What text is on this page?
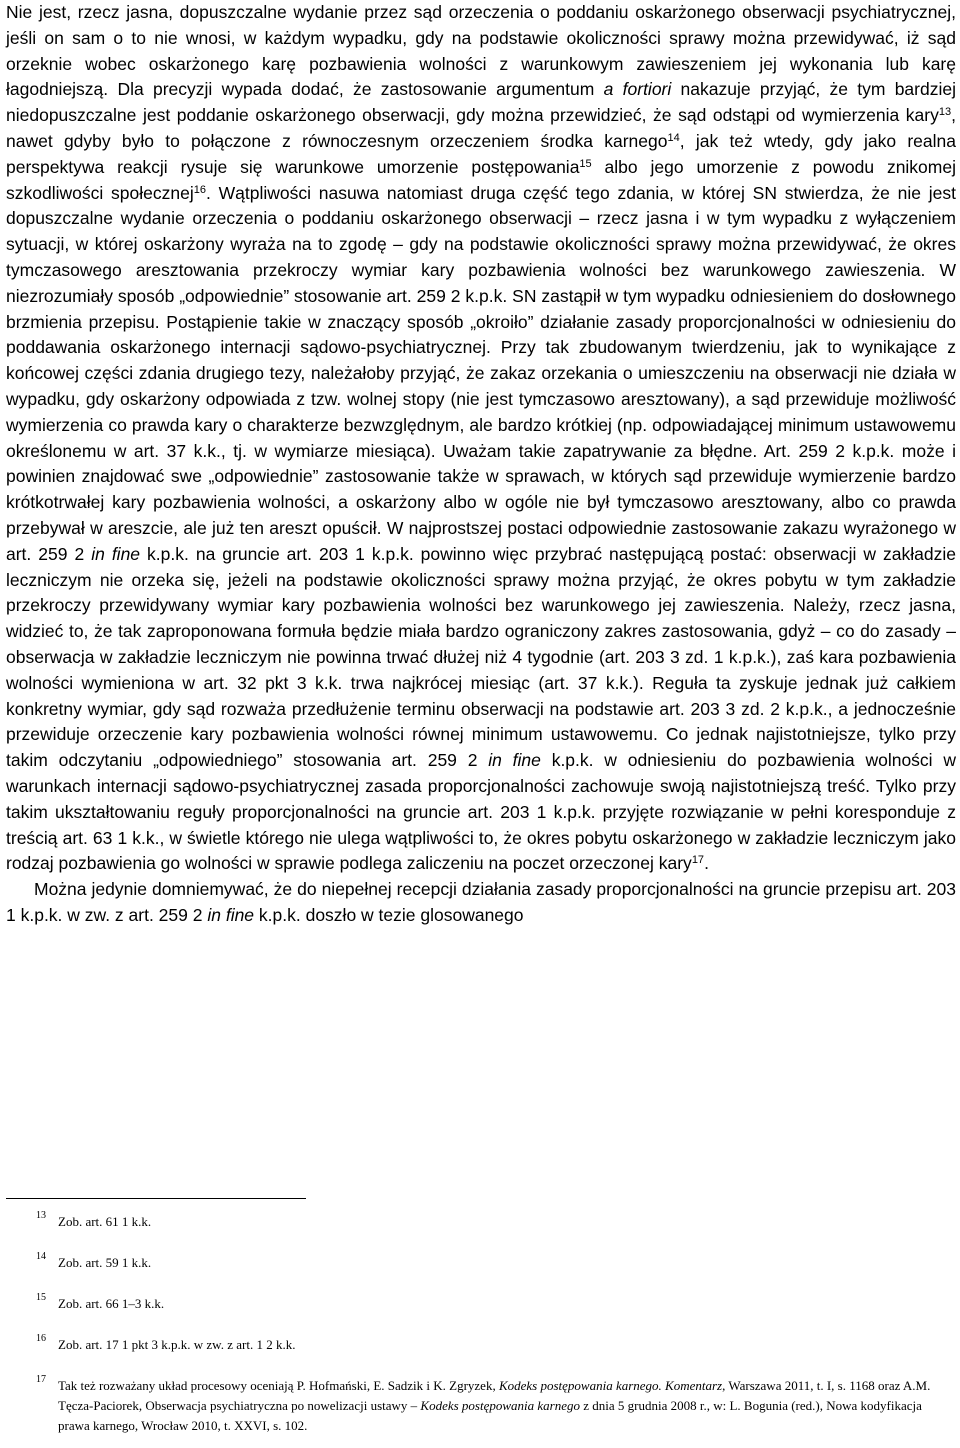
Nie jest, rzecz jasna, dopuszczalne wydanie przez sąd orzeczenia o poddaniu oskarżonego obserwacji psychiatrycznej, jeśli on sam o to nie wnosi, w każdym wypadku, gdy na podstawie okoliczności sprawy można przewidywać, iż sąd orzeknie wobec oskarżonego karę pozbawienia wolności z warunkowym zawieszeniem jej wykonania lub karę łagodniejszą. Dla precyzji wypada dodać, że zastosowanie argumentum a fortiori nakazuje przyjąć, że tym bardziej niedopuszczalne jest poddanie oskarżonego obserwacji, gdy można przewidzieć, że sąd odstąpi od wymierzenia kary$^{13}$, nawet gdyby było to połączone z równoczesnym orzeczeniem środka karnego$^{14}$, jak też wtedy, gdy jako realna perspektywa reakcji rysuje się warunkowe umorzenie postępowania$^{15}$ albo jego umorzenie z powodu znikomej szkodliwości społecznej$^{16}$. Wątpliwości nasuwa natomiast druga część tego zdania, w której SN stwierdza, że nie jest dopuszczalne wydanie orzeczenia o poddaniu oskarżonego obserwacji – rzecz jasna i w tym wypadku z wyłączeniem sytuacji, w której oskarżony wyraża na to zgodę – gdy na podstawie okoliczności sprawy można przewidywać, że okres tymczasowego aresztowania przekroczy wymiar kary pozbawienia wolności bez warunkowego zawieszenia. W niezrozumiały sposób „odpowiednie” stosowanie art. 259 2 k.p.k. SN zastąpił w tym wypadku odniesieniem do dosłownego brzmienia przepisu. Postąpienie takie w znaczący sposób „okroiło” działanie zasady proporcjonalności w odniesieniu do poddawania oskarżonego internacji sądowo-psychiatrycznej. Przy tak zbudowanym twierdzeniu, jak to wynikające z końcowej części zdania drugiego tezy, należałoby przyjąć, że zakaz orzekania o umieszczeniu na obserwacji nie działa w wypadku, gdy oskarżony odpowiada z tzw. wolnej stopy (nie jest tymczasowo aresztowany), a sąd przewiduje możliwość wymierzenia co prawda kary o charakterze bezwzględnym, ale bardzo krótkiej (np. odpowiadającej minimum ustawowemu określonemu w art. 37 k.k., tj. w wymiarze miesiąca). Uważam takie zapatrywanie za błędne. Art. 259 2 k.p.k. może i powinien znajdować swe „odpowiednie” zastosowanie także w sprawach, w których sąd przewiduje wymierzenie bardzo krótkotrwałej kary pozbawienia wolności, a oskarżony albo w ogóle nie był tymczasowo aresztowany, albo co prawda przebywał w areszcie, ale już ten areszt opuścił. W najprostszej postaci odpowiednie zastosowanie zakazu wyrażonego w art. 259 2 in fine k.p.k. na gruncie art. 203 1 k.p.k. powinno więc przybrać następującą postać: obserwacji w zakładzie leczniczym nie orzeka się, jeżeli na podstawie okoliczności sprawy można przyjąć, że okres pobytu w tym zakładzie przekroczy przewidywany wymiar kary pozbawienia wolności bez warunkowego jej zawieszenia. Należy, rzecz jasna, widzieć to, że tak zaproponowana formuła będzie miała bardzo ograniczony zakres zastosowania, gdyż – co do zasady – obserwacja w zakładzie leczniczym nie powinna trwać dłużej niż 4 tygodnie (art. 203 3 zd. 1 k.p.k.), zaś kara pozbawienia wolności wymieniona w art. 32 pkt 3 k.k. trwa najkrócej miesiąc (art. 37 k.k.). Reguła ta zyskuje jednak już całkiem konkretny wymiar, gdy sąd rozważa przedłużenie terminu obserwacji na podstawie art. 203 3 zd. 2 k.p.k., a jednocześnie przewiduje orzeczenie kary pozbawienia wolności równej minimum ustawowemu. Co jednak najistotniejsze, tylko przy takim odczytaniu „odpowiedniego” stosowania art. 259 2 in fine k.p.k. w odniesieniu do pozbawienia wolności w warunkach internacji sądowo-psychiatrycznej zasada proporcjonalności zachowuje swoją najistotniejszą treść. Tylko przy takim ukształtowaniu reguły proporcjonalności na gruncie art. 203 1 k.p.k. przyjęte rozwiązanie w pełni koresponduje z treścią art. 63 1 k.k., w świetle którego nie ulega wątpliwości to, że okres pobytu oskarżonego w zakładzie leczniczym jako rodzaj pozbawienia go wolności w sprawie podlega zaliczeniu na poczet orzeczonej kary$^{17}$.

Można jedynie domniemywać, że do niepełnej recepcji działania zasady proporcjonalności na gruncie przepisu art. 203 1 k.p.k. w zw. z art. 259 2 in fine k.p.k. doszło w tezie glosowanego

13 Zob. art. 61 1 k.k.
14 Zob. art. 59 1 k.k.
15 Zob. art. 66 1–3 k.k.
16 Zob. art. 17 1 pkt 3 k.p.k. w zw. z art. 1 2 k.k.
17 Tak też rozważany układ procesowy oceniają P. Hofmański, E. Sadzik i K. Zgryzek, Kodeks postępowania karnego. Komentarz, Warszawa 2011, t. I, s. 1168 oraz A.M. Tęcza-Paciorek, Obserwacja psychiatryczna po nowelizacji ustawy – Kodeks postępowania karnego z dnia 5 grudnia 2008 r., w: L. Bogunia (red.), Nowa kodyfikacja prawa karnego, Wrocław 2010, t. XXVI, s. 102.
